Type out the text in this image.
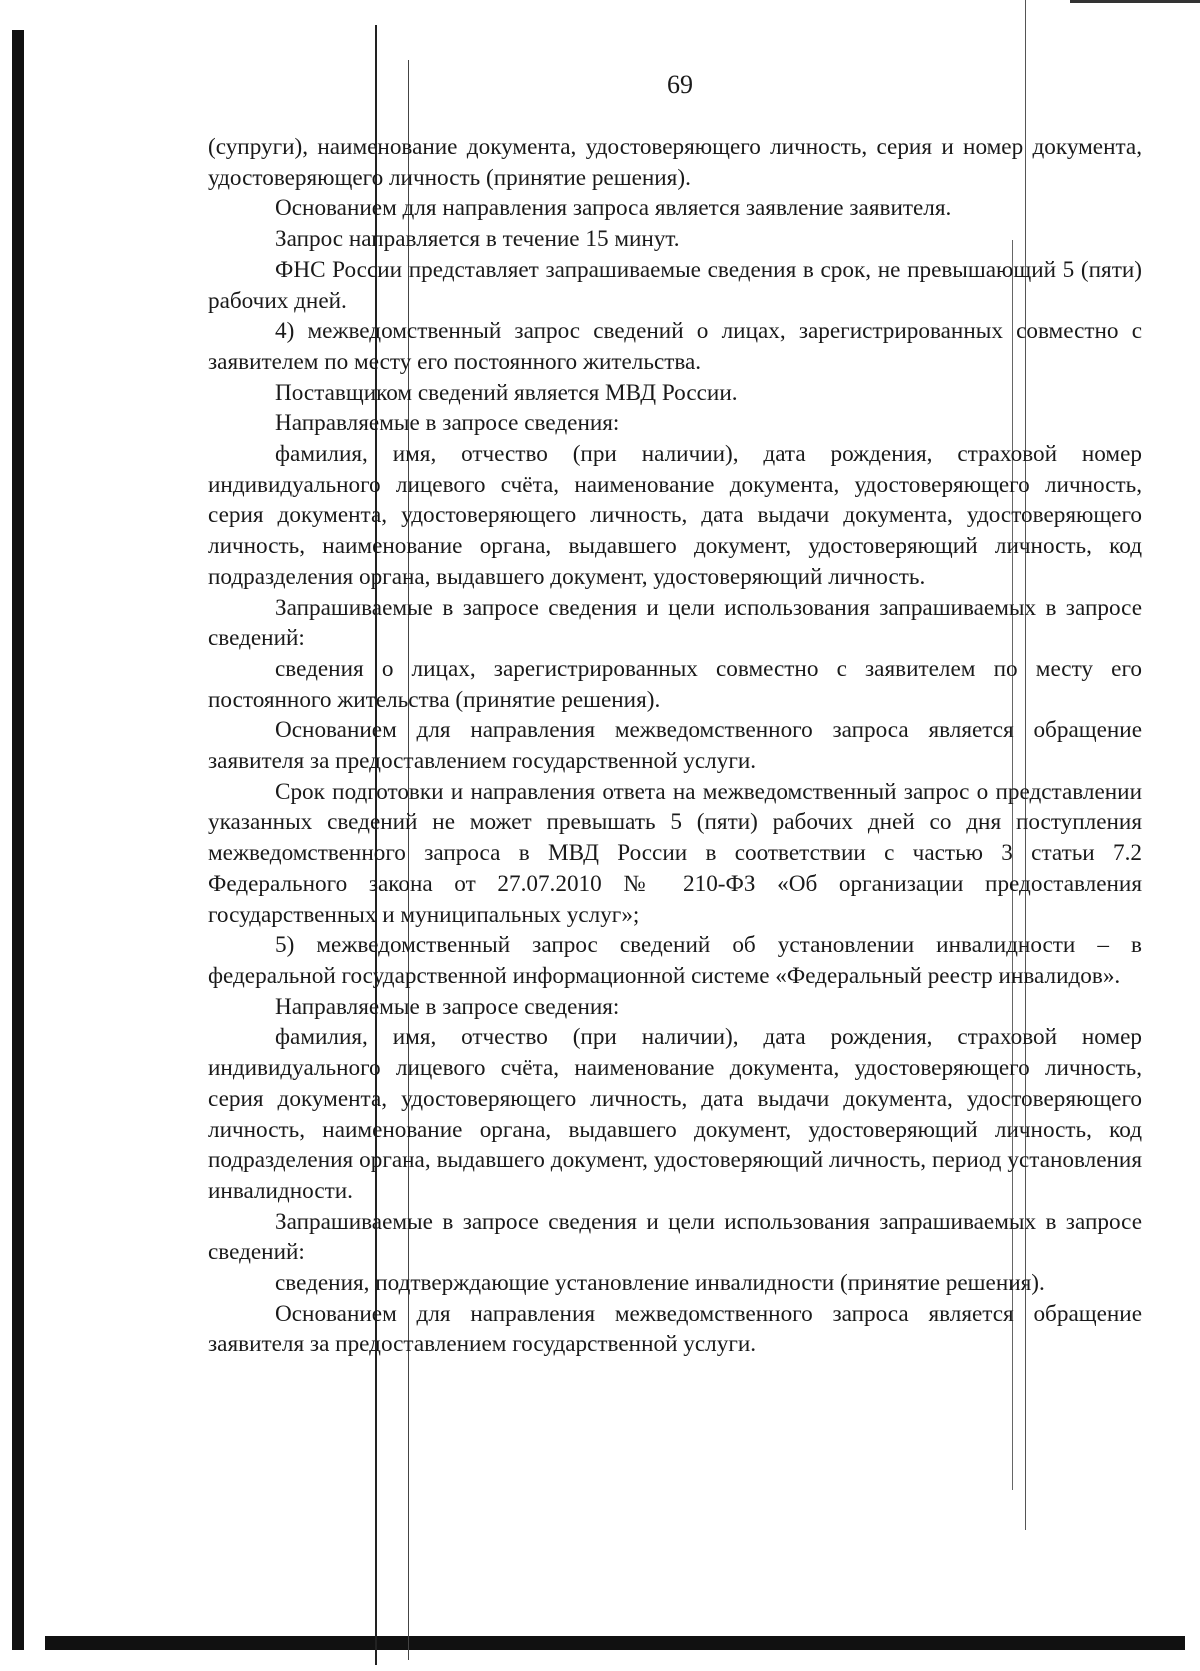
69

(супруги), наименование документа, удостоверяющего личность, серия и номер документа, удостоверяющего личность (принятие решения).

Основанием для направления запроса является заявление заявителя.

Запрос направляется в течение 15 минут.

ФНС России представляет запрашиваемые сведения в срок, не превышающий 5 (пяти) рабочих дней.

4) межведомственный запрос сведений о лицах, зарегистрированных совместно с заявителем по месту его постоянного жительства.

Поставщиком сведений является МВД России.

Направляемые в запросе сведения:

фамилия, имя, отчество (при наличии), дата рождения, страховой номер индивидуального лицевого счёта, наименование документа, удостоверяющего личность, серия документа, удостоверяющего личность, дата выдачи документа, удостоверяющего личность, наименование органа, выдавшего документ, удостоверяющий личность, код подразделения органа, выдавшего документ, удостоверяющий личность.

Запрашиваемые в запросе сведения и цели использования запрашиваемых в запросе сведений:

сведения о лицах, зарегистрированных совместно с заявителем по месту его постоянного жительства (принятие решения).

Основанием для направления межведомственного запроса является обращение заявителя за предоставлением государственной услуги.

Срок подготовки и направления ответа на межведомственный запрос о представлении указанных сведений не может превышать 5 (пяти) рабочих дней со дня поступления межведомственного запроса в МВД России в соответствии с частью 3 статьи 7.2 Федерального закона от 27.07.2010 № 210-ФЗ «Об организации предоставления государственных и муниципальных услуг»;

5) межведомственный запрос сведений об установлении инвалидности – в федеральной государственной информационной системе «Федеральный реестр инвалидов».

Направляемые в запросе сведения:

фамилия, имя, отчество (при наличии), дата рождения, страховой номер индивидуального лицевого счёта, наименование документа, удостоверяющего личность, серия документа, удостоверяющего личность, дата выдачи документа, удостоверяющего личность, наименование органа, выдавшего документ, удостоверяющий личность, код подразделения органа, выдавшего документ, удостоверяющий личность, период установления инвалидности.

Запрашиваемые в запросе сведения и цели использования запрашиваемых в запросе сведений:

сведения, подтверждающие установление инвалидности (принятие решения).

Основанием для направления межведомственного запроса является обращение заявителя за предоставлением государственной услуги.
